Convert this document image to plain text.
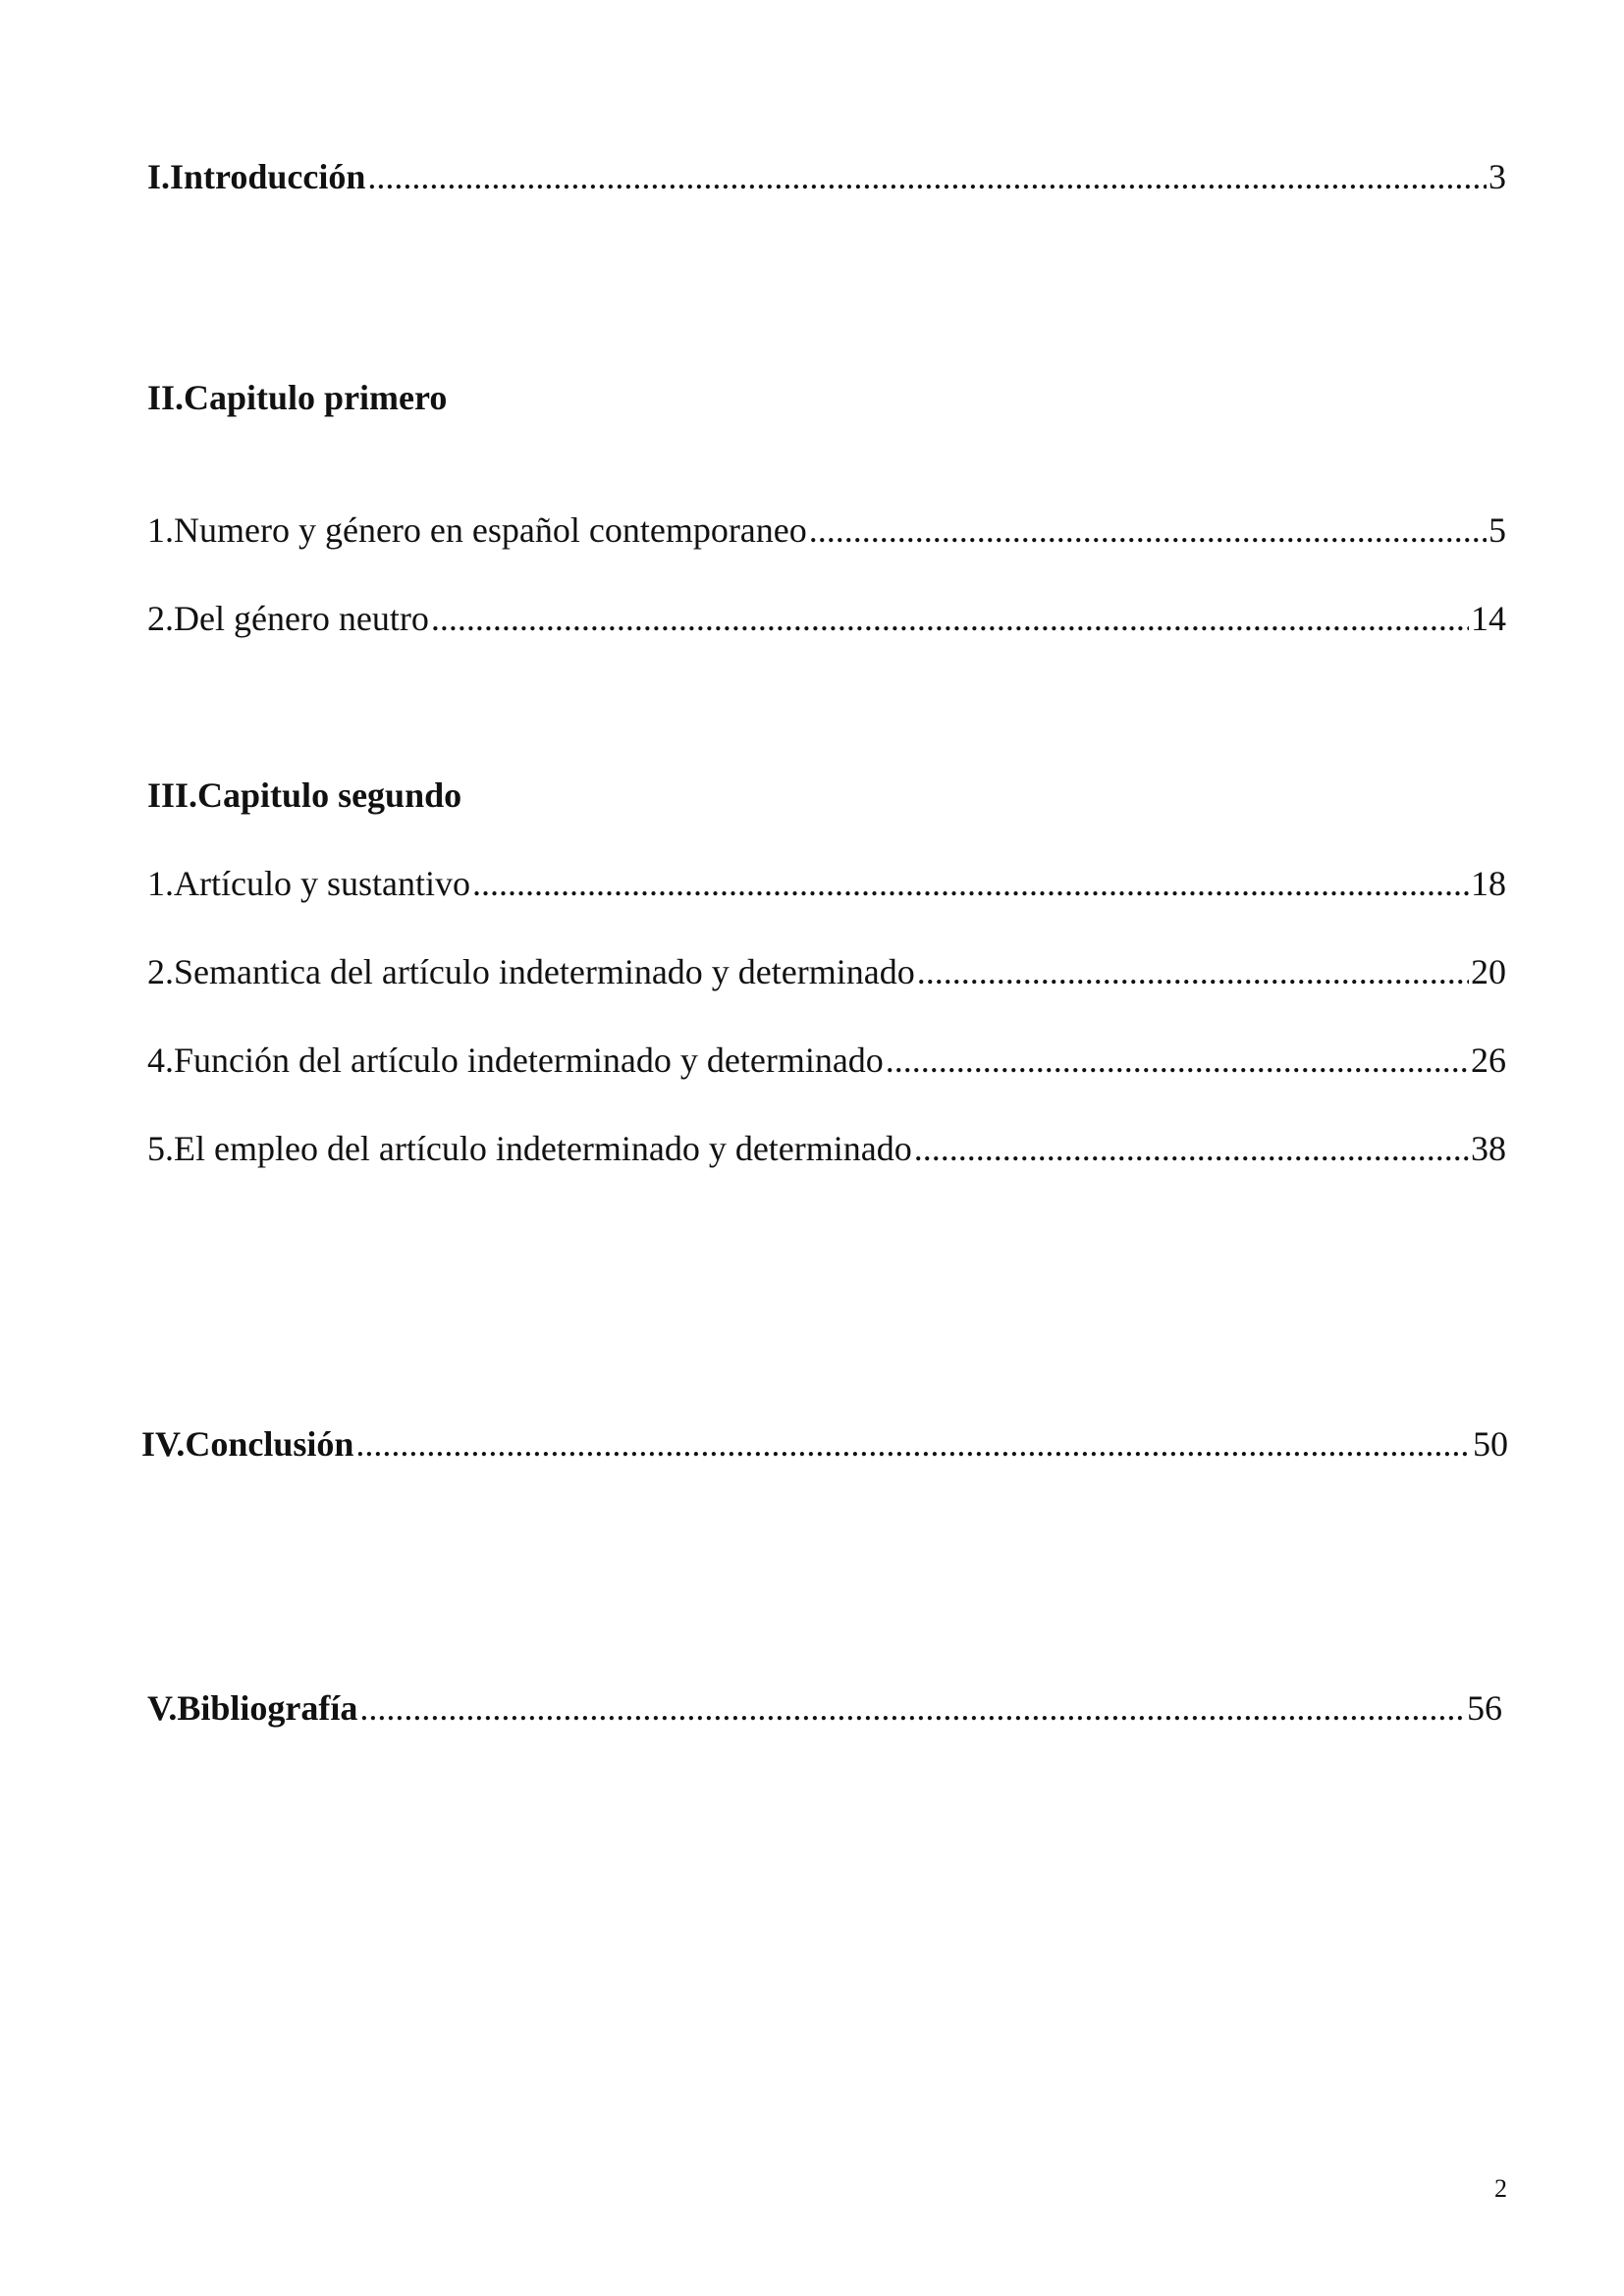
I.Introducción .....	3
II.Capitulo primero
1.Numero y género en español contemporaneo .....	5
2.Del género neutro .....	14
III.Capitulo segundo
1.Artículo y sustantivo .....	18
2.Semantica del artículo indeterminado y determinado .....	20
4.Función del artículo indeterminado y determinado .....	26
5.El empleo del artículo indeterminado y determinado .....	38
IV.Conclusión .....	50
V.Bibliografía .....	56
2
